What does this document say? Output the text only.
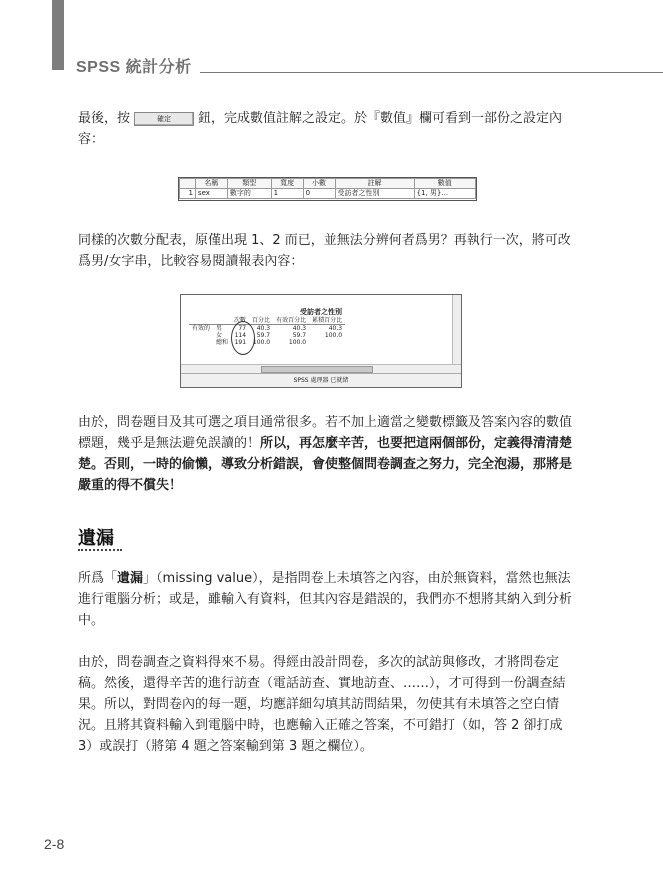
SPSS 統計分析

最後，按	確定 鈕，完成數值註解之設定。於『數值』欄可看到一部份之設定內容：

	名稱	類型	寬度	小數	註解	數值
1	sex	數字的	1	0	受訪者之性別	{1, 男}...

同樣的次數分配表，原僅出現 1、2 而已，並無法分辨何者爲男？再執行一次，將可改爲男/女字串，比較容易閱讀報表內容：

受訪者之性別
		次數	百分比	有效百分比	累積百分比
有效的	男	77	40.3	40.3	40.3
	女	114	59.7	59.7	100.0
	總和	191	100.0	100.0	
SPSS 處理器 已就緒

由於，問卷題目及其可選之項目通常很多。若不加上適當之變數標籤及答案內容的數值標題，幾乎是無法避免誤讀的！所以，再怎麼辛苦，也要把這兩個部份，定義得清清楚楚。否則，一時的偷懶，導致分析錯誤，會使整個問卷調查之努力，完全泡湯，那將是嚴重的得不償失！

遺漏

所爲「遺漏」（missing value），是指問卷上未填答之內容，由於無資料，當然也無法進行電腦分析；或是，雖輸入有資料，但其內容是錯誤的，我們亦不想將其納入到分析中。

由於，問卷調查之資料得來不易。得經由設計問卷，多次的試訪與修改，才將問卷定稿。然後，還得辛苦的進行訪查（電話訪查、實地訪查、……），才可得到一份調查結果。所以，對問卷內的每一題，均應詳細勾填其訪問結果，勿使其有未填答之空白情況。且將其資料輸入到電腦中時，也應輸入正確之答案，不可錯打（如，答 2 卻打成 3）或誤打（將第 4 題之答案輸到第 3 題之欄位）。

2-8
